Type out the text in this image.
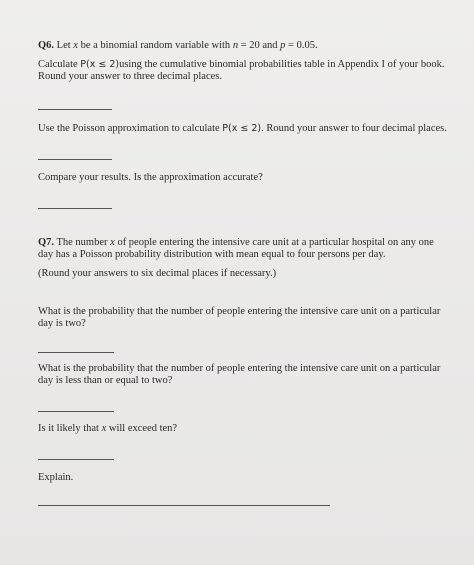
Q6. Let x be a binomial random variable with n = 20 and p = 0.05.

Calculate P(x ≤ 2)using the cumulative binomial probabilities table in Appendix I of your book.

Round your answer to three decimal places.

Use the Poisson approximation to calculate P(x ≤ 2). Round your answer to four decimal places.

Compare your results. Is the approximation accurate?

Q7. The number x of people entering the intensive care unit at a particular hospital on any one

day has a Poisson probability distribution with mean equal to four persons per day.

(Round your answers to six decimal places if necessary.)

What is the probability that the number of people entering the intensive care unit on a particular

day is two?

What is the probability that the number of people entering the intensive care unit on a particular

day is less than or equal to two?

Is it likely that x will exceed ten?

Explain.
